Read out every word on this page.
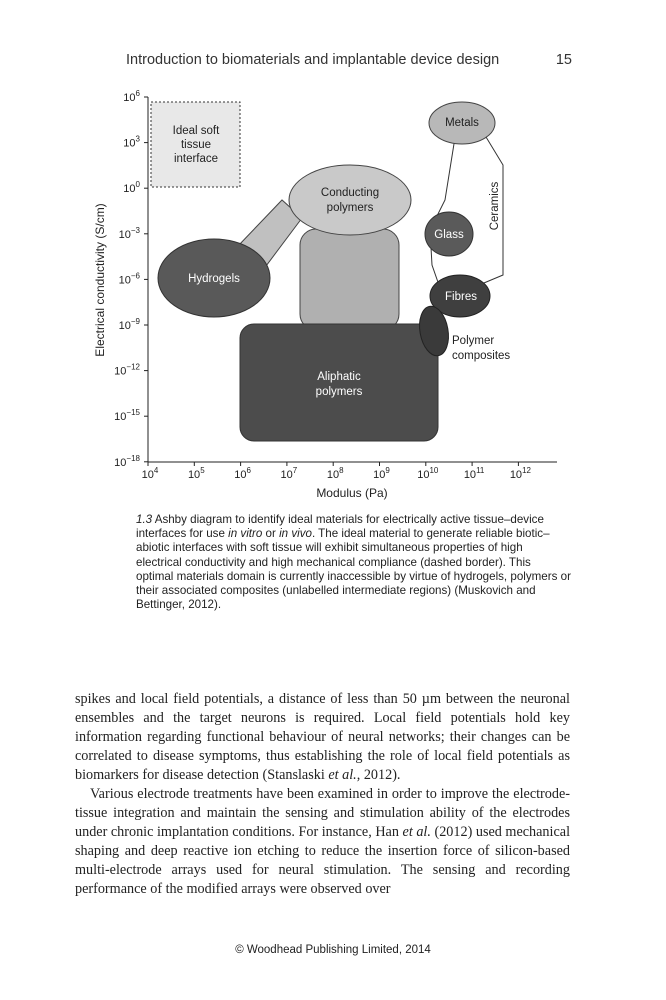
Introduction to biomaterials and implantable device design	15
$10^4$	$10^5$	$10^6$	$10^7$	$10^8$	$10^9$ $10^{10}$ $10^{11}$ $10^{12}$
$10^6$
$10^3$
$10^0$
$10^{-3}$
$10^{-6}$
$10^{-9}$
$10^{-12}$
$10^{-15}$
$10^{-18}$
Ideal soft
tissue
interface
Conducting
polymers
Metals
Glass
Hydrogels
Fibres
Aliphatic
polymers
Polymer
composites
Ceramics
Modulus (Pa)
Electrical conductivity (S/cm)
1.3 Ashby diagram to identify ideal materials for electrically active tissue–device interfaces for use in vitro or in vivo. The ideal material to generate reliable biotic–abiotic interfaces with soft tissue will exhibit simultaneous properties of high electrical conductivity and high mechanical compliance (dashed border). This optimal materials domain is currently inaccessible by virtue of hydrogels, polymers or their associated composites (unlabelled intermediate regions) (Muskovich and Bettinger, 2012).

spikes and local field potentials, a distance of less than 50 µm between the neuronal ensembles and the target neurons is required. Local field potentials hold key information regarding functional behaviour of neural networks; their changes can be correlated to disease symptoms, thus establishing the role of local field potentials as biomarkers for disease detection (Stanslaski et al., 2012).

Various electrode treatments have been examined in order to improve the electrode-tissue integration and maintain the sensing and stimulation ability of the electrodes under chronic implantation conditions. For instance, Han et al. (2012) used mechanical shaping and deep reactive ion etching to reduce the insertion force of silicon-based multi-electrode arrays used for neural stimulation. The sensing and recording performance of the modified arrays were observed over

© Woodhead Publishing Limited, 2014
